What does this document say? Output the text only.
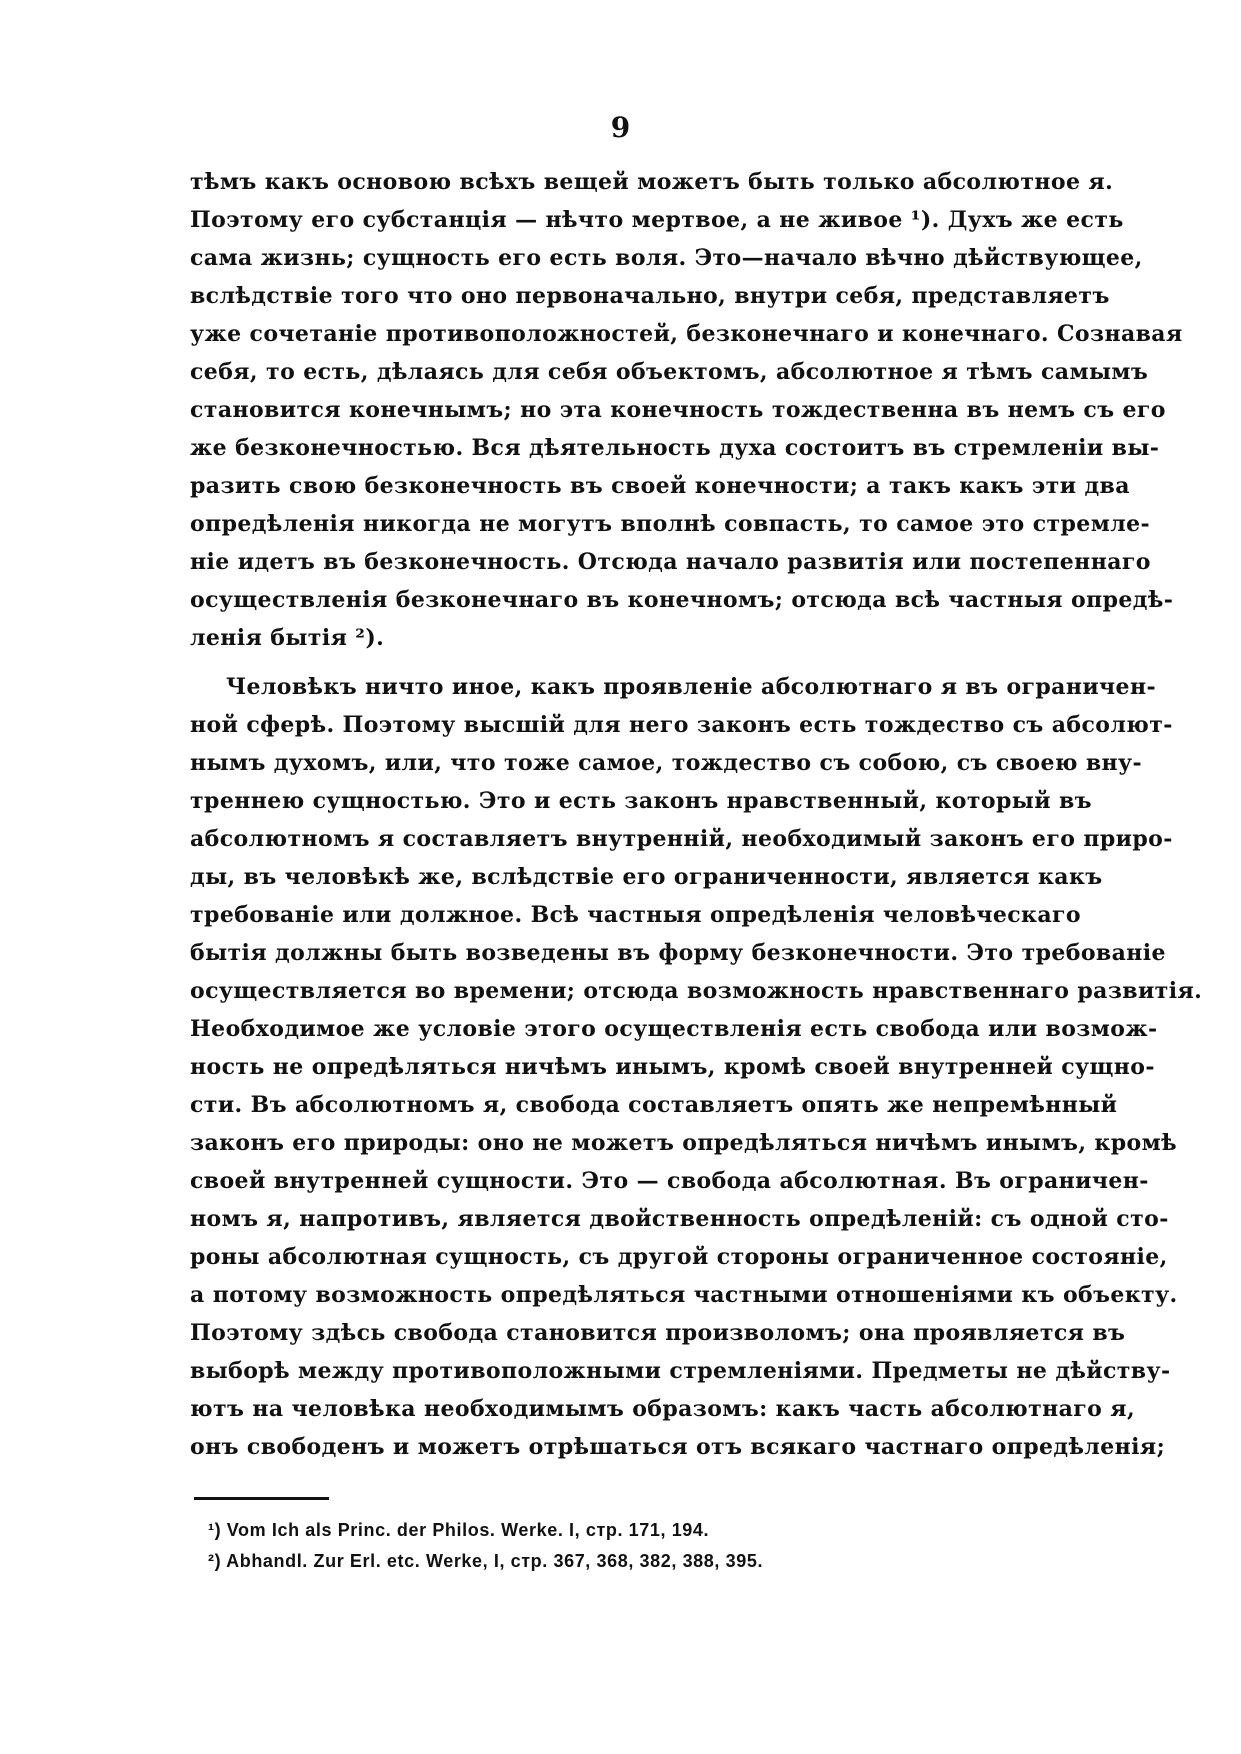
9
тѣмъ какъ основою всѣхъ вещей можетъ быть только абсолютное я.
Поэтому его субстанція — нѣчто мертвое, а не живое ¹). Духъ же есть
сама жизнь; сущность его есть воля. Это—начало вѣчно дѣйствующее,
вслѣдствіе того что оно первоначально, внутри себя, представляетъ
уже сочетаніе противоположностей, безконечнаго и конечнаго. Сознавая
себя, то есть, дѣлаясь для себя объектомъ, абсолютное я тѣмъ самымъ
становится конечнымъ; но эта конечность тождественна въ немъ съ его
же безконечностью. Вся дѣятельность духа состоитъ въ стремленіи вы-
разить свою безконечность въ своей конечности; а такъ какъ эти два
опредѣленія никогда не могутъ вполнѣ совпасть, то самое это стремле-
ніе идетъ въ безконечность. Отсюда начало развитія или постепеннаго
осуществленія безконечнаго въ конечномъ; отсюда всѣ частныя опредѣ-
ленія бытія ²).
Человѣкъ ничто иное, какъ проявленіе абсолютнаго я въ ограничен-
ной сферѣ. Поэтому высшій для него законъ есть тождество съ абсолют-
нымъ духомъ, или, что тоже самое, тождество съ собою, съ своею вну-
треннею сущностью. Это и есть законъ нравственный, который въ
абсолютномъ я составляетъ внутренній, необходимый законъ его приро-
ды, въ человѣкѣ же, вслѣдствіе его ограниченности, является какъ
требованіе или должное. Всѣ частныя опредѣленія человѣческаго
бытія должны быть возведены въ форму безконечности. Это требованіе
осуществляется во времени; отсюда возможность нравственнаго развитія.
Необходимое же условіе этого осуществленія есть свобода или возмож-
ность не опредѣляться ничѣмъ инымъ, кромѣ своей внутренней сущно-
сти. Въ абсолютномъ я, свобода составляетъ опять же непремѣнный
законъ его природы: оно не можетъ опредѣляться ничѣмъ инымъ, кромѣ
своей внутренней сущности. Это — свобода абсолютная. Въ ограничен-
номъ я, напротивъ, является двойственность опредѣленій: съ одной сто-
роны абсолютная сущность, съ другой стороны ограниченное состояніе,
а потому возможность опредѣляться частными отношеніями къ объекту.
Поэтому здѣсь свобода становится произволомъ; она проявляется въ
выборѣ между противоположными стремленіями. Предметы не дѣйству-
ютъ на человѣка необходимымъ образомъ: какъ часть абсолютнаго я,
онъ свободенъ и можетъ отрѣшаться отъ всякаго частнаго опредѣленія;
¹) Vom Ich als Princ. der Philos. Werke. I, стр. 171, 194.
²) Abhandl. Zur Erl. etc. Werke, I, стр. 367, 368, 382, 388, 395.
